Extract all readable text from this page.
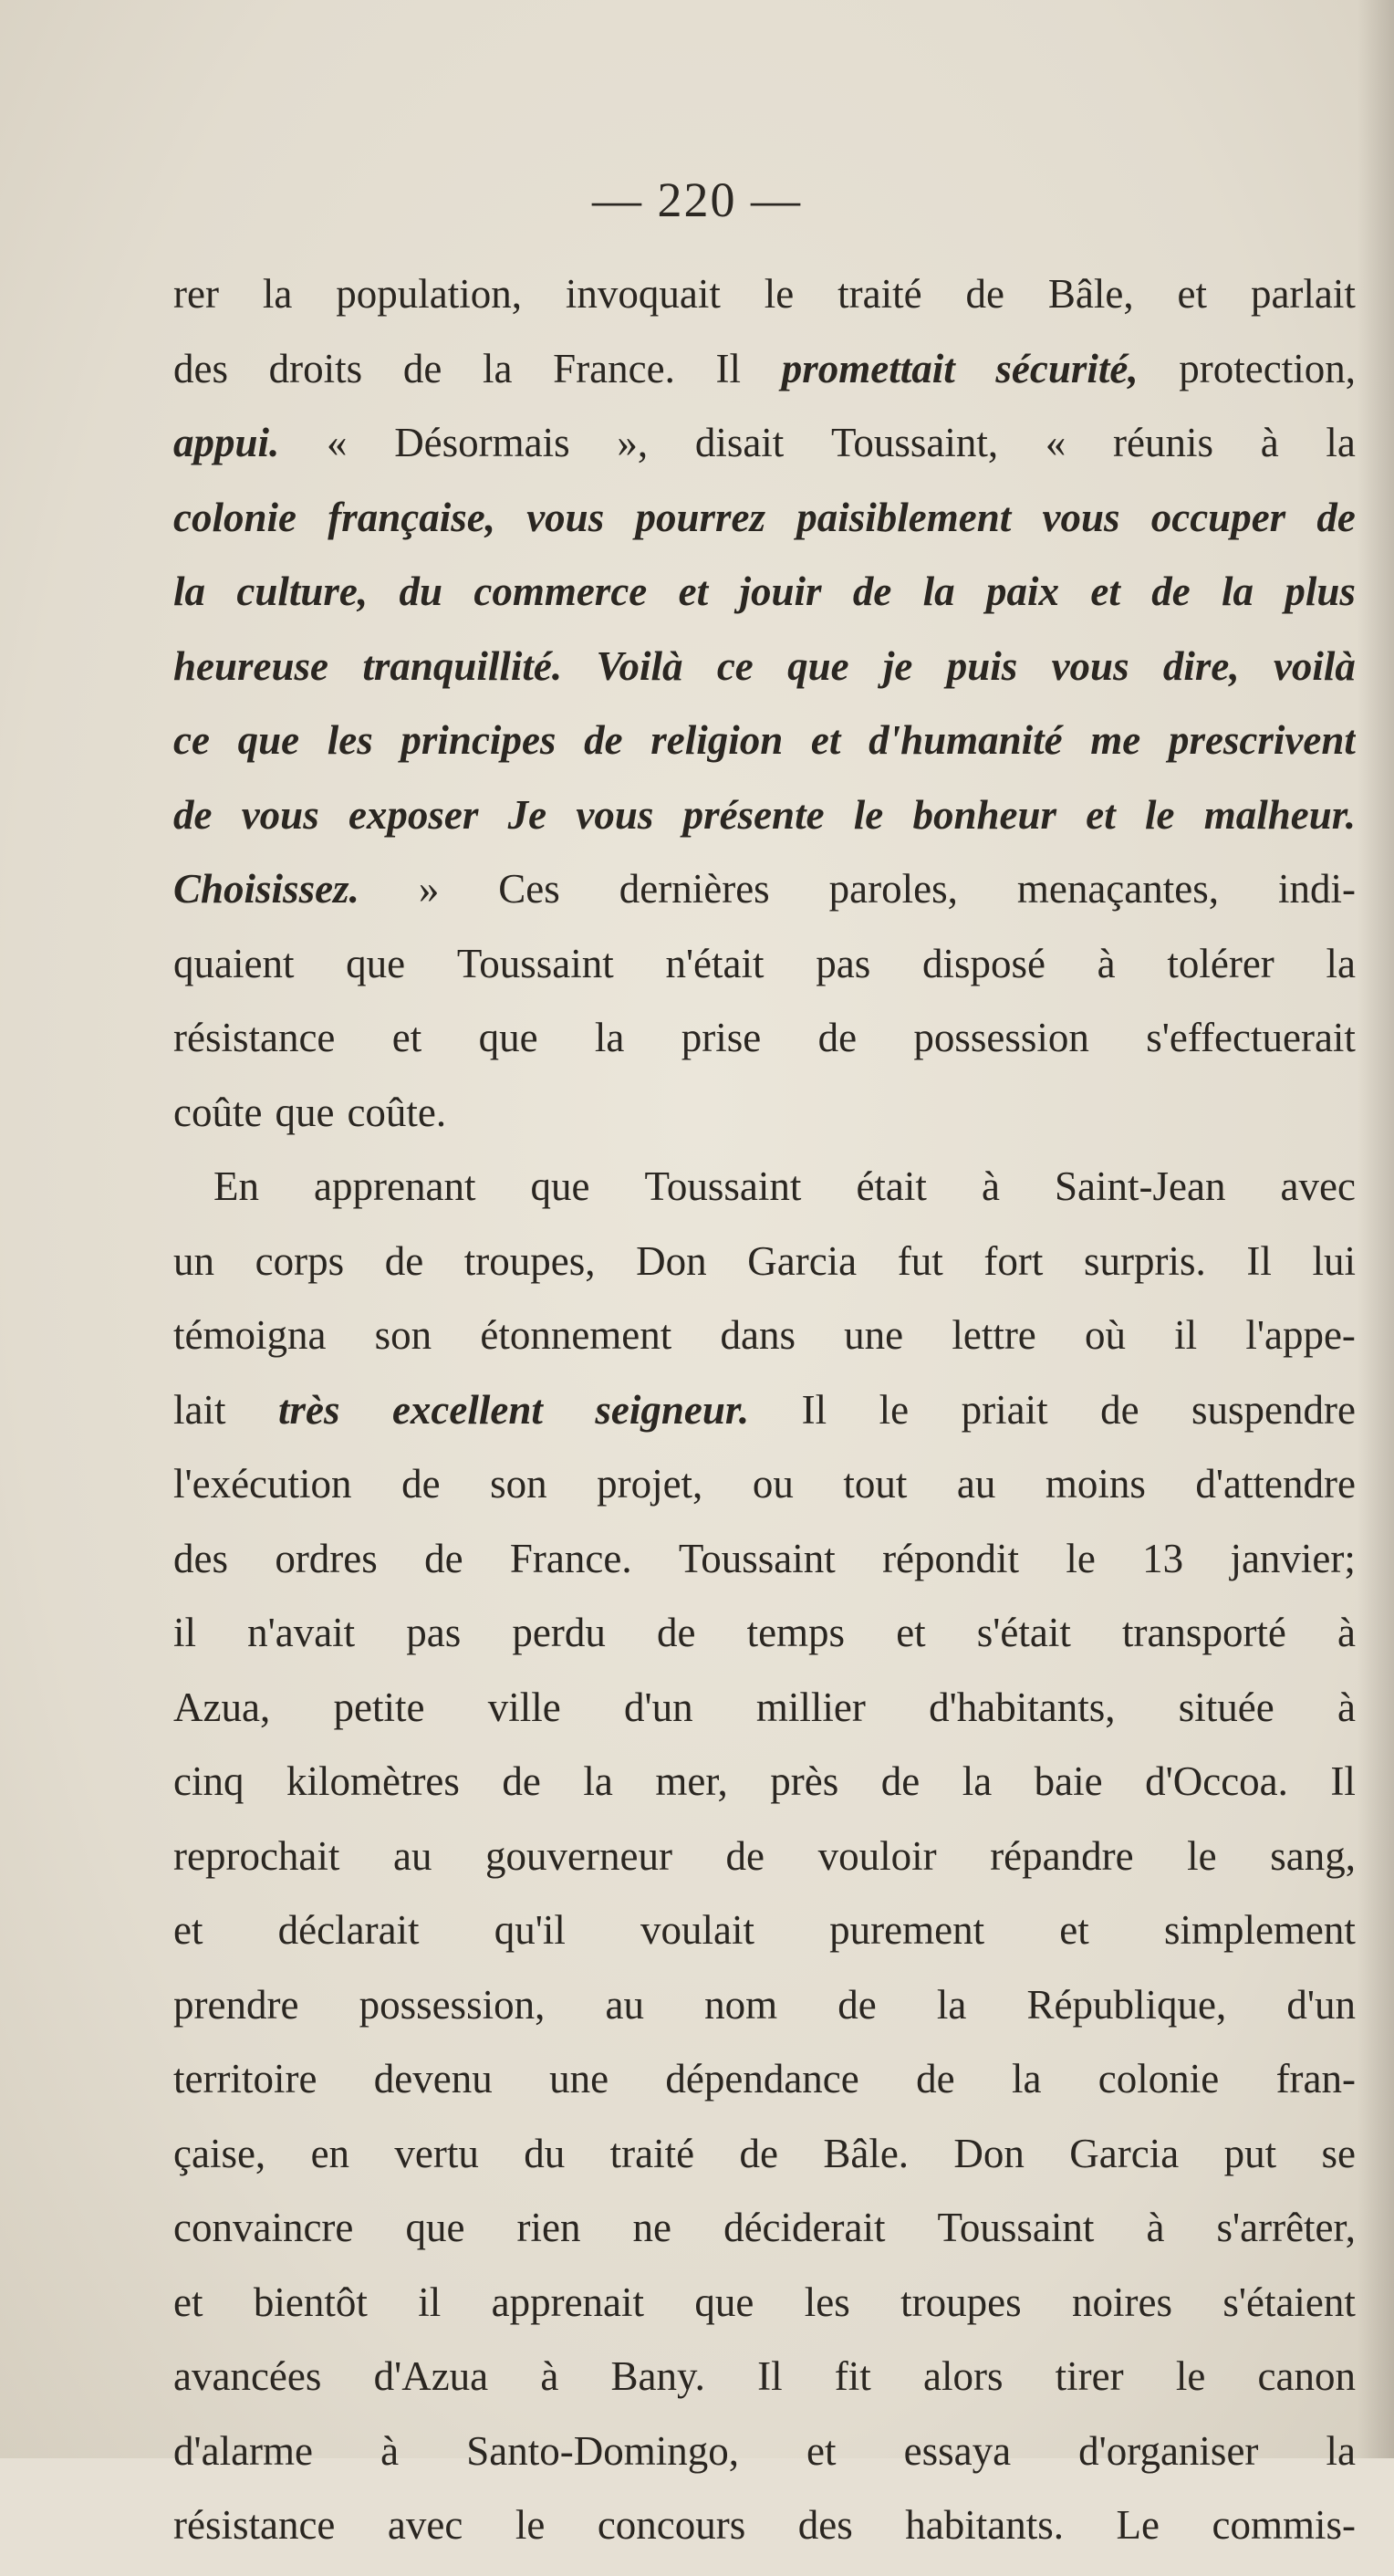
— 220 —
rer la population, invoquait le traité de Bâle, et parlait
des droits de la France. Il promettait sécurité, protection,
appui. « Désormais », disait Toussaint, « réunis à la
colonie française, vous pourrez paisiblement vous occuper de
la culture, du commerce et jouir de la paix et de la plus
heureuse tranquillité. Voilà ce que je puis vous dire, voilà
ce que les principes de religion et d'humanité me prescrivent
de vous exposer Je vous présente le bonheur et le malheur.
Choisissez. » Ces dernières paroles, menaçantes, indi-
quaient que Toussaint n'était pas disposé à tolérer la
résistance et que la prise de possession s'effectuerait
coûte que coûte.
En apprenant que Toussaint était à Saint-Jean avec
un corps de troupes, Don Garcia fut fort surpris. Il lui
témoigna son étonnement dans une lettre où il l'appe-
lait très excellent seigneur. Il le priait de suspendre
l'exécution de son projet, ou tout au moins d'attendre
des ordres de France. Toussaint répondit le 13 janvier;
il n'avait pas perdu de temps et s'était transporté à
Azua, petite ville d'un millier d'habitants, située à
cinq kilomètres de la mer, près de la baie d'Occoa. Il
reprochait au gouverneur de vouloir répandre le sang,
et déclarait qu'il voulait purement et simplement
prendre possession, au nom de la République, d'un
territoire devenu une dépendance de la colonie fran-
çaise, en vertu du traité de Bâle. Don Garcia put se
convaincre que rien ne déciderait Toussaint à s'arrêter,
et bientôt il apprenait que les troupes noires s'étaient
avancées d'Azua à Bany. Il fit alors tirer le canon
d'alarme à Santo-Domingo, et essaya d'organiser la
résistance avec le concours des habitants. Le commis-
